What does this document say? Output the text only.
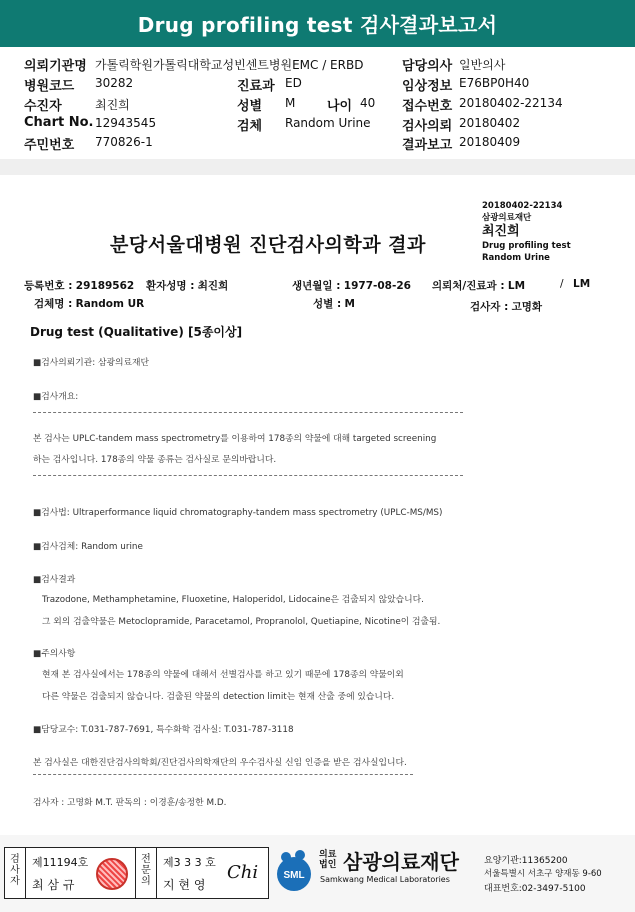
Drug profiling test 검사결과보고서
의뢰기관명 가톨릭학원가톨릭대학교성빈센트병원EMC / ERBD	담당의사 일반의사
병원코드 30282	진료과 ED	임상정보 E76BP0H40
수진자	최진희	성별 M 나이 40 접수번호 20180402-22134
Chart No. 12943545	검체 Random Urine 검사의뢰 20180402
주민번호 770826-1	결과보고 20180409
20180402-22134
삼광의료재단
최진희
Drug profiling test
Random Urine
분당서울대병원 진단검사의학과 결과
등록번호 : 29189562 환자성명 : 최진희	생년월일 : 1977-08-26 의뢰처/진료과 : LM	/ LM
검체명 : Random UR	성별 : M	검사자 : 고명화
Drug test (Qualitative) [5종이상]
■검사의뢰기관: 삼광의료재단
■검사개요:
본 검사는 UPLC-tandem mass spectrometry를 이용하여 178종의 약물에 대해 targeted screening
하는 검사입니다. 178종의 약물 종류는 검사실로 문의바랍니다.
■검사법: Ultraperformance liquid chromatography-tandem mass spectrometry (UPLC-MS/MS)
■검사검체: Random urine
■검사결과
Trazodone, Methamphetamine, Fluoxetine, Haloperidol, Lidocaine은 검출되지 않았습니다.
그 외의 검출약물은 Metoclopramide, Paracetamol, Propranolol, Quetiapine, Nicotine이 검출됨.
■주의사항
현재 본 검사실에서는 178종의 약물에 대해서 선별검사를 하고 있기 때문에 178종의 약물이외
다른 약물은 검출되지 않습니다. 검출된 약물의 detection limit는 현재 산출 중에 있습니다.
■담당교수: T.031-787-7691, 특수화학 검사실: T.031-787-3118
본 검사실은 대한진단검사의학회/진단검사의학재단의 우수검사실 신임 인증을 받은 검사실입니다.
검사자 : 고명화 M.T. 판독의 : 이경훈/송정한 M.D.
검사자
제11194호
최 삼 규
전문의
제3 3 3 호
지 현 영
Chi	SML
의료법인 삼광의료재단
Samkwang Medical Laboratories
요양기관:11365200
서울특별시 서초구 양재동 9-60
대표번호:02-3497-5100
